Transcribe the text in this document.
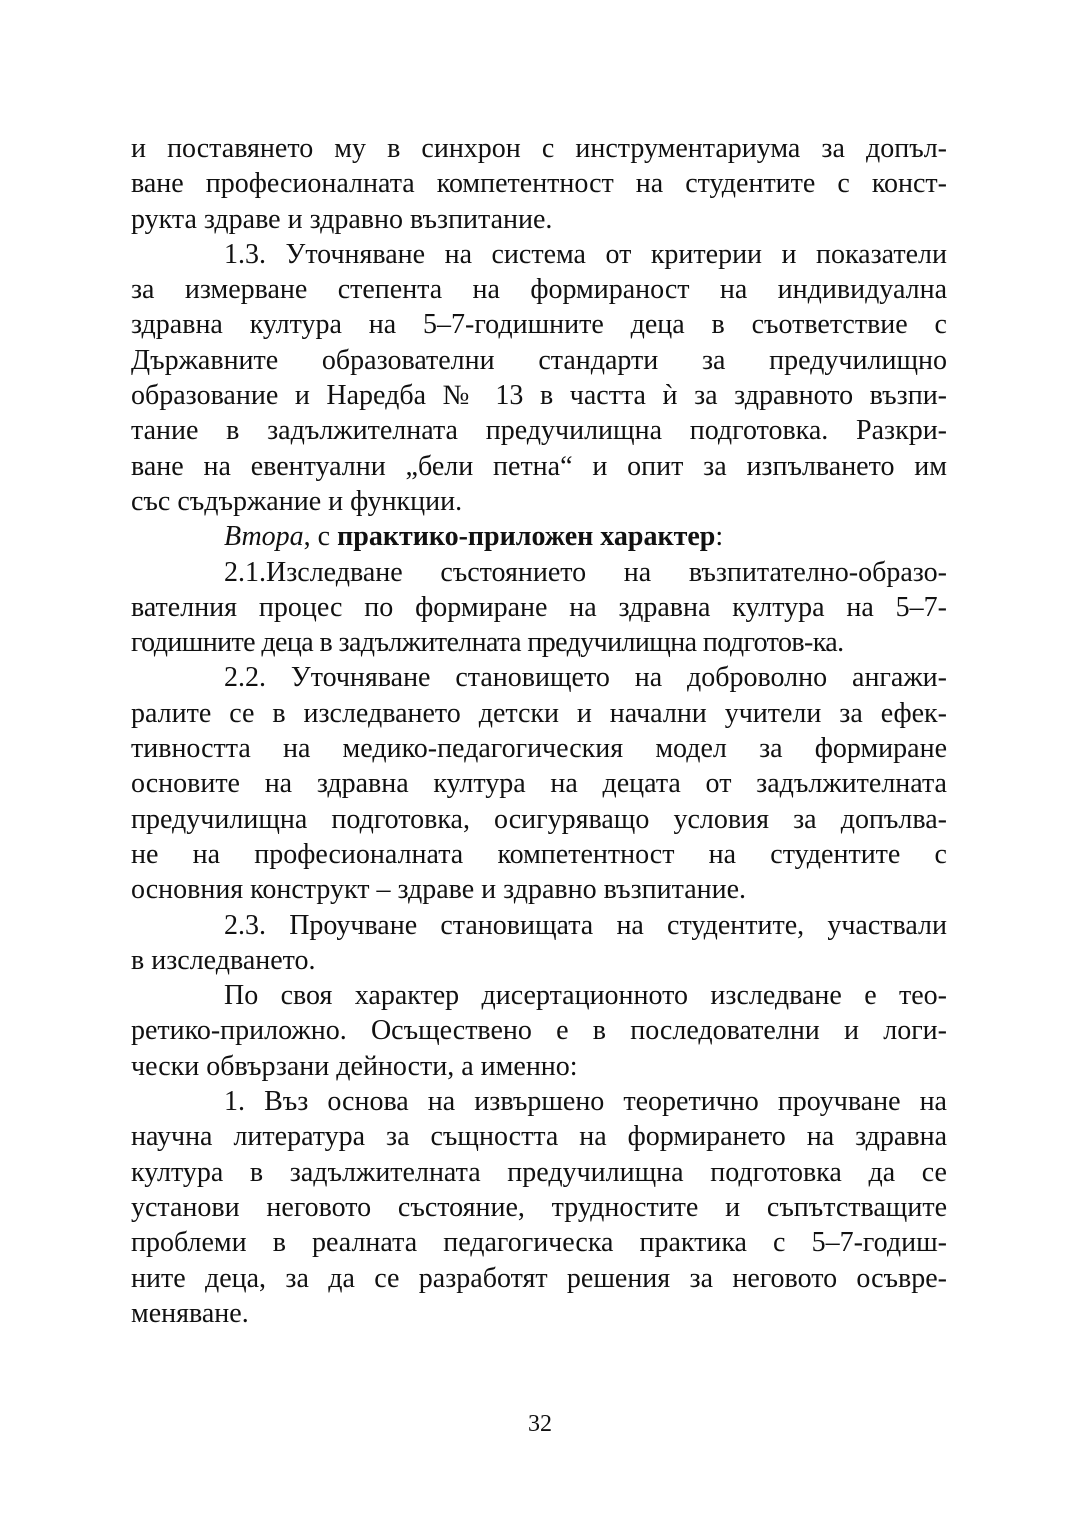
и поставянето му в синхрон с инструментариума за допъл-
ване професионалната компетентност на студентите с конст-
рукта здраве и здравно възпитание.
1.3. Уточняване на система от критерии и показатели
за измерване степента на формираност на индивидуална
здравна култура на 5–7-годишните деца в съответствие с
Държавните образователни стандарти за предучилищно
образование и Наредба № 13 в частта ѝ за здравното възпи-
тание в задължителната предучилищна подготовка. Разкри-
ване на евентуални „бели петна“ и опит за изпълването им
със съдържание и функции.
Втора, с практико-приложен характер:
2.1.Изследване състоянието на възпитателно-образо-
вателния процес по формиране на здравна култура на 5–7-
годишните деца в задължителната предучилищна подготов-ка.
2.2. Уточняване становището на доброволно ангажи-
ралите се в изследването детски и начални учители за ефек-
тивността на медико-педагогическия модел за формиране
основите на здравна култура на децата от задължителната
предучилищна подготовка, осигуряващо условия за допълва-
не на професионалната компетентност на студентите с
основния конструкт – здраве и здравно възпитание.
2.3. Проучване становищата на студентите, участвали
в изследването.
По своя характер дисертационното изследване е тео-
ретико-приложно. Осъществено е в последователни и логи-
чески обвързани дейности, а именно:
1. Въз основа на извършено теоретично проучване на
научна литература за същността на формирането на здравна
култура в задължителната предучилищна подготовка да се
установи неговото състояние, трудностите и съпътстващите
проблеми в реалната педагогическа практика с 5–7-годиш-
ните деца, за да се разработят решения за неговото осъвре-
меняване.
32
